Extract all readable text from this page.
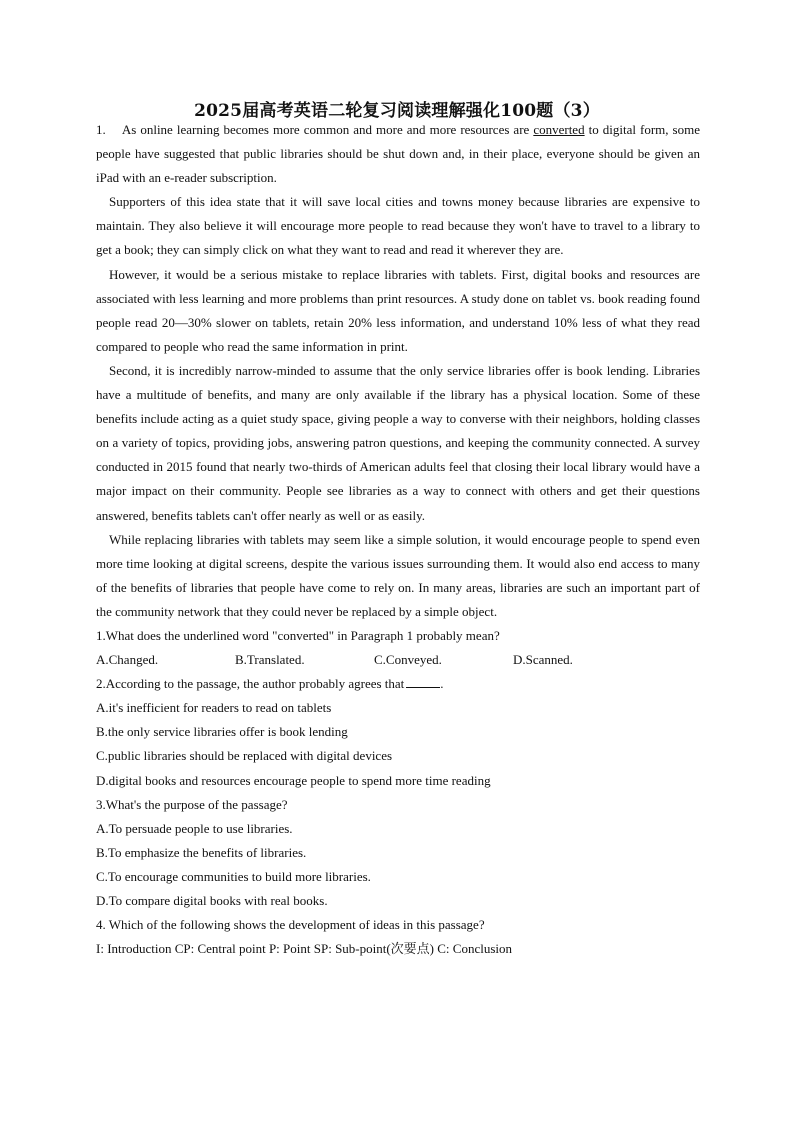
2025届高考英语二轮复习阅读理解强化100题（3）

1. As online learning becomes more common and more and more resources are converted to digital form, some people have suggested that public libraries should be shut down and, in their place, everyone should be given an iPad with an e-reader subscription.

Supporters of this idea state that it will save local cities and towns money because libraries are expensive to maintain. They also believe it will encourage more people to read because they won't have to travel to a library to get a book; they can simply click on what they want to read and read it wherever they are.

However, it would be a serious mistake to replace libraries with tablets. First, digital books and resources are associated with less learning and more problems than print resources. A study done on tablet vs. book reading found people read 20—30% slower on tablets, retain 20% less information, and understand 10% less of what they read compared to people who read the same information in print.

Second, it is incredibly narrow-minded to assume that the only service libraries offer is book lending. Libraries have a multitude of benefits, and many are only available if the library has a physical location. Some of these benefits include acting as a quiet study space, giving people a way to converse with their neighbors, holding classes on a variety of topics, providing jobs, answering patron questions, and keeping the community connected. A survey conducted in 2015 found that nearly two-thirds of American adults feel that closing their local library would have a major impact on their community. People see libraries as a way to connect with others and get their questions answered, benefits tablets can't offer nearly as well or as easily.

While replacing libraries with tablets may seem like a simple solution, it would encourage people to spend even more time looking at digital screens, despite the various issues surrounding them. It would also end access to many of the benefits of libraries that people have come to rely on. In many areas, libraries are such an important part of the community network that they could never be replaced by a simple object.

1.What does the underlined word "converted" in Paragraph 1 probably mean?

A.Changed.	B.Translated.	C.Conveyed.	D.Scanned.

2.According to the passage, the author probably agrees that	.

A.it's inefficient for readers to read on tablets

B.the only service libraries offer is book lending

C.public libraries should be replaced with digital devices

D.digital books and resources encourage people to spend more time reading

3.What's the purpose of the passage?

A.To persuade people to use libraries.

B.To emphasize the benefits of libraries.

C.To encourage communities to build more libraries.

D.To compare digital books with real books.

4. Which of the following shows the development of ideas in this passage?

I: Introduction CP: Central point P: Point SP: Sub-point(次要点) C: Conclusion
